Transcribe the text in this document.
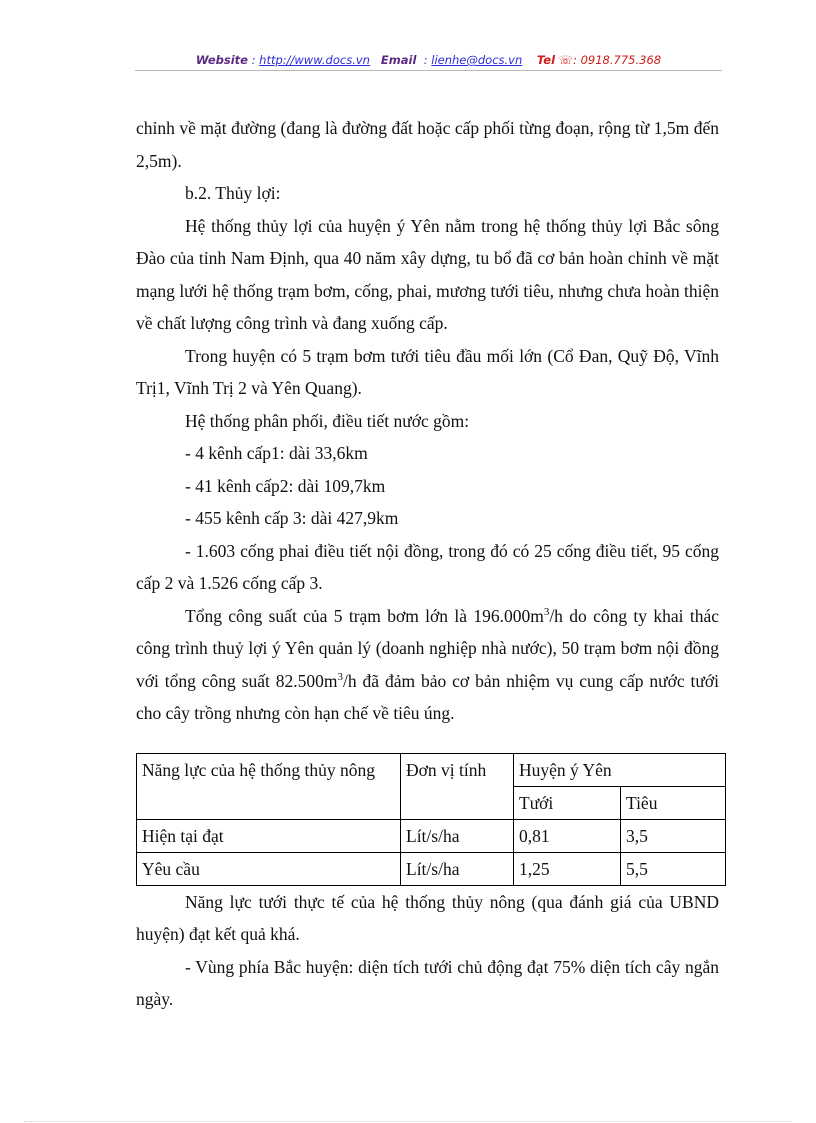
Website : http://www.docs.vn Email  : lienhe@docs.vn Tel ☏: 0918.775.368

chỉnh về mặt đường (đang là đường đất hoặc cấp phối từng đoạn, rộng từ 1,5m đến 2,5m).

b.2. Thủy lợi:

Hệ thống thủy lợi của huyện ý Yên nằm trong hệ thống thủy lợi Bắc sông Đào của tỉnh Nam Định, qua 40 năm xây dựng, tu bổ đã cơ bản hoàn chỉnh về mặt mạng lưới hệ thống trạm bơm, cống, phai, mương tưới tiêu, nhưng chưa hoàn thiện về chất lượng công trình và đang xuống cấp.

Trong huyện có 5 trạm bơm tưới tiêu đầu mối lớn (Cổ Đan, Quỹ Độ, Vĩnh Trị1, Vĩnh Trị 2 và Yên Quang).

Hệ thống phân phối, điều tiết nước gồm:

- 4 kênh cấp1: dài 33,6km

- 41 kênh cấp2: dài 109,7km

- 455 kênh cấp 3: dài 427,9km

- 1.603 cống phai điều tiết nội đồng, trong đó có 25 cống điều tiết, 95 cống cấp 2 và 1.526 cống cấp 3.

Tổng công suất của 5 trạm bơm lớn là $196.000m^3/h$ do công ty khai thác công trình thuỷ lợi ý Yên quản lý (doanh nghiệp nhà nước), 50 trạm bơm nội đồng với tổng công suất $82.500m^3/h$ đã đảm bảo cơ bản nhiệm vụ cung cấp nước tưới cho cây trồng nhưng còn hạn chế về tiêu úng.

Năng lực của hệ thống thủy nông	Đơn vị tính	Huyện ý Yên	
		Tưới	Tiêu
Hiện tại đạt	Lít/s/ha	0,81	3,5
Yêu cầu	Lít/s/ha	1,25	5,5

Năng lực tưới thực tế của hệ thống thủy nông (qua đánh giá của UBND huyện) đạt kết quả khá.

- Vùng phía Bắc huyện: diện tích tưới chủ động đạt 75% diện tích cây ngắn ngày.
